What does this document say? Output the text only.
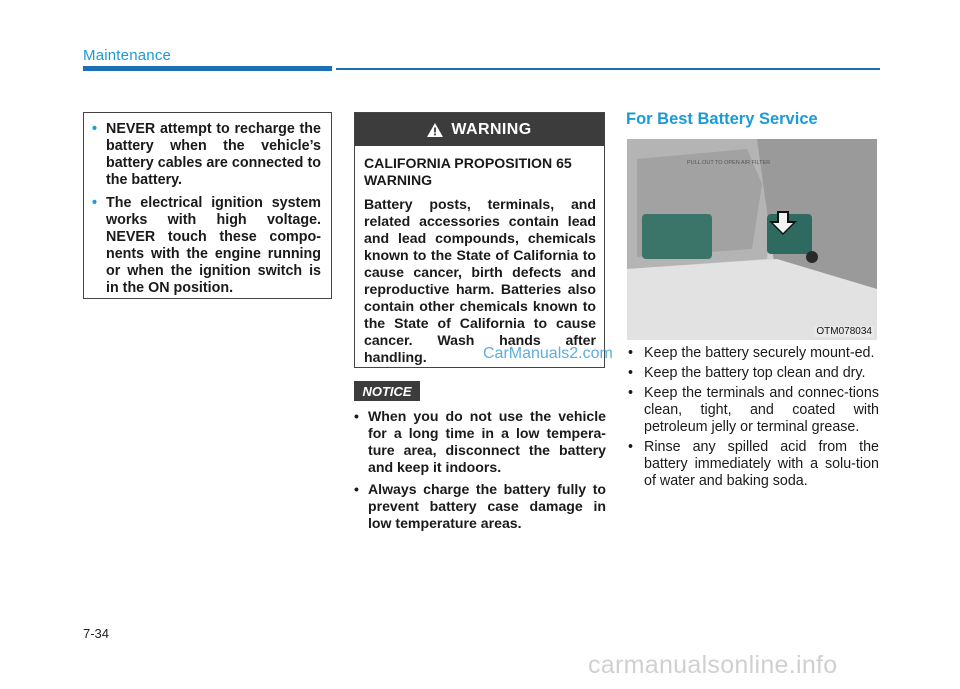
Maintenance
• NEVER attempt to recharge the battery when the vehicle’s battery cables are connected to the battery.
• The electrical ignition system works with high voltage. NEVER touch these compo-nents with the engine running or when the ignition switch is in the ON position.
WARNING

CALIFORNIA PROPOSITION 65 WARNING

Battery posts, terminals, and related accessories contain lead and lead compounds, chemicals known to the State of California to cause cancer, birth defects and reproductive harm. Batteries also contain other chemicals known to the State of California to cause cancer. Wash hands after handling.	CarManuals2.com
NOTICE
• When you do not use the vehicle for a long time in a low tempera-ture area, disconnect the battery and keep it indoors.
• Always charge the battery fully to prevent battery case damage in low temperature areas.
For Best Battery Service
PULL OUT TO OPEN AIR FILTER
OTM078034
• Keep the battery securely mount-ed.
• Keep the battery top clean and dry.
• Keep the terminals and connec-tions clean, tight, and coated with petroleum jelly or terminal grease.
• Rinse any spilled acid from the battery immediately with a solu-tion of water and baking soda.
7-34
carmanualsonline.info
